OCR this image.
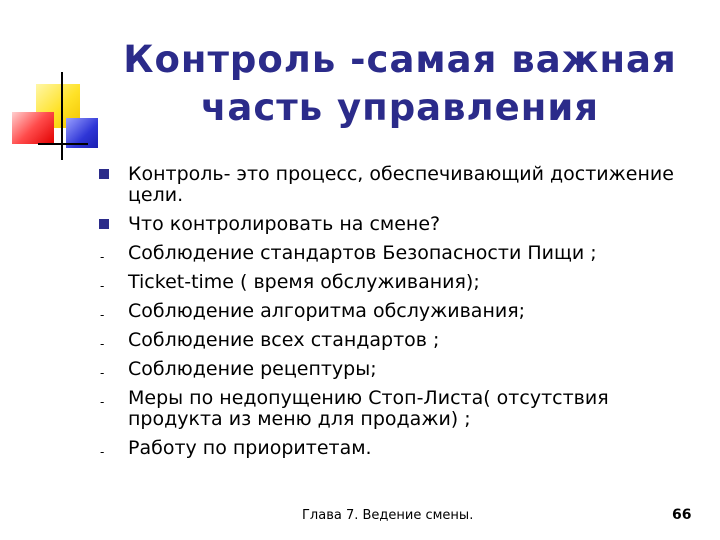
Контроль -самая важная
часть управления
Контроль- это процесс, обеспечивающий достижение цели.
Что контролировать на смене?
- Соблюдение стандартов Безопасности Пищи ;
- Ticket-time ( время обслуживания);
- Соблюдение алгоритма обслуживания;
- Соблюдение всех стандартов ;
- Соблюдение рецептуры;
- Меры по недопущению Стоп-Листа( отсутствия продукта из меню для продажи) ;
- Работу по приоритетам.
Глава 7. Ведение смены.	66
